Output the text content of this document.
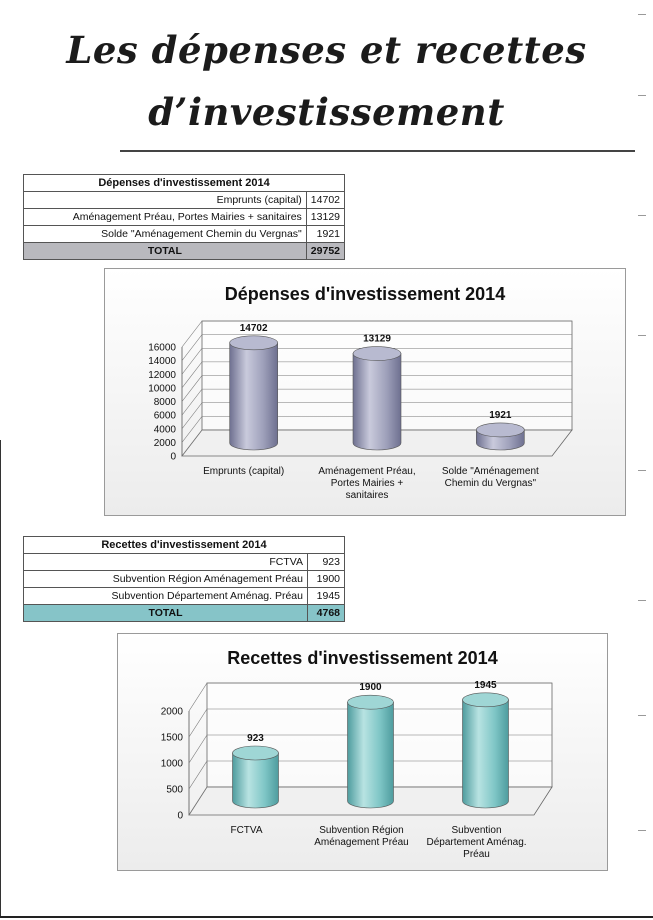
Les dépenses et recettes
d’investissement
Dépenses d'investissement 2014	
Emprunts (capital)	14702
Aménagement Préau, Portes Mairies + sanitaires	13129
Solde "Aménagement Chemin du Vergnas"	1921
TOTAL	29752
Dépenses d'investissement 2014
0
2000
4000
6000
8000
10000
12000
14000
16000
14702
Emprunts (capital)
13129
Aménagement Préau,
Portes Mairies +
sanitaires
1921
Solde "Aménagement
Chemin du Vergnas"
Recettes d'investissement 2014	
FCTVA	923
Subvention Région Aménagement Préau	1900
Subvention Département Aménag. Préau	1945
TOTAL	4768
Recettes d'investissement 2014
0
500
1000
1500
2000
923
FCTVA
1900
Subvention Région
Aménagement Préau
1945
Subvention
Département Aménag.
Préau
